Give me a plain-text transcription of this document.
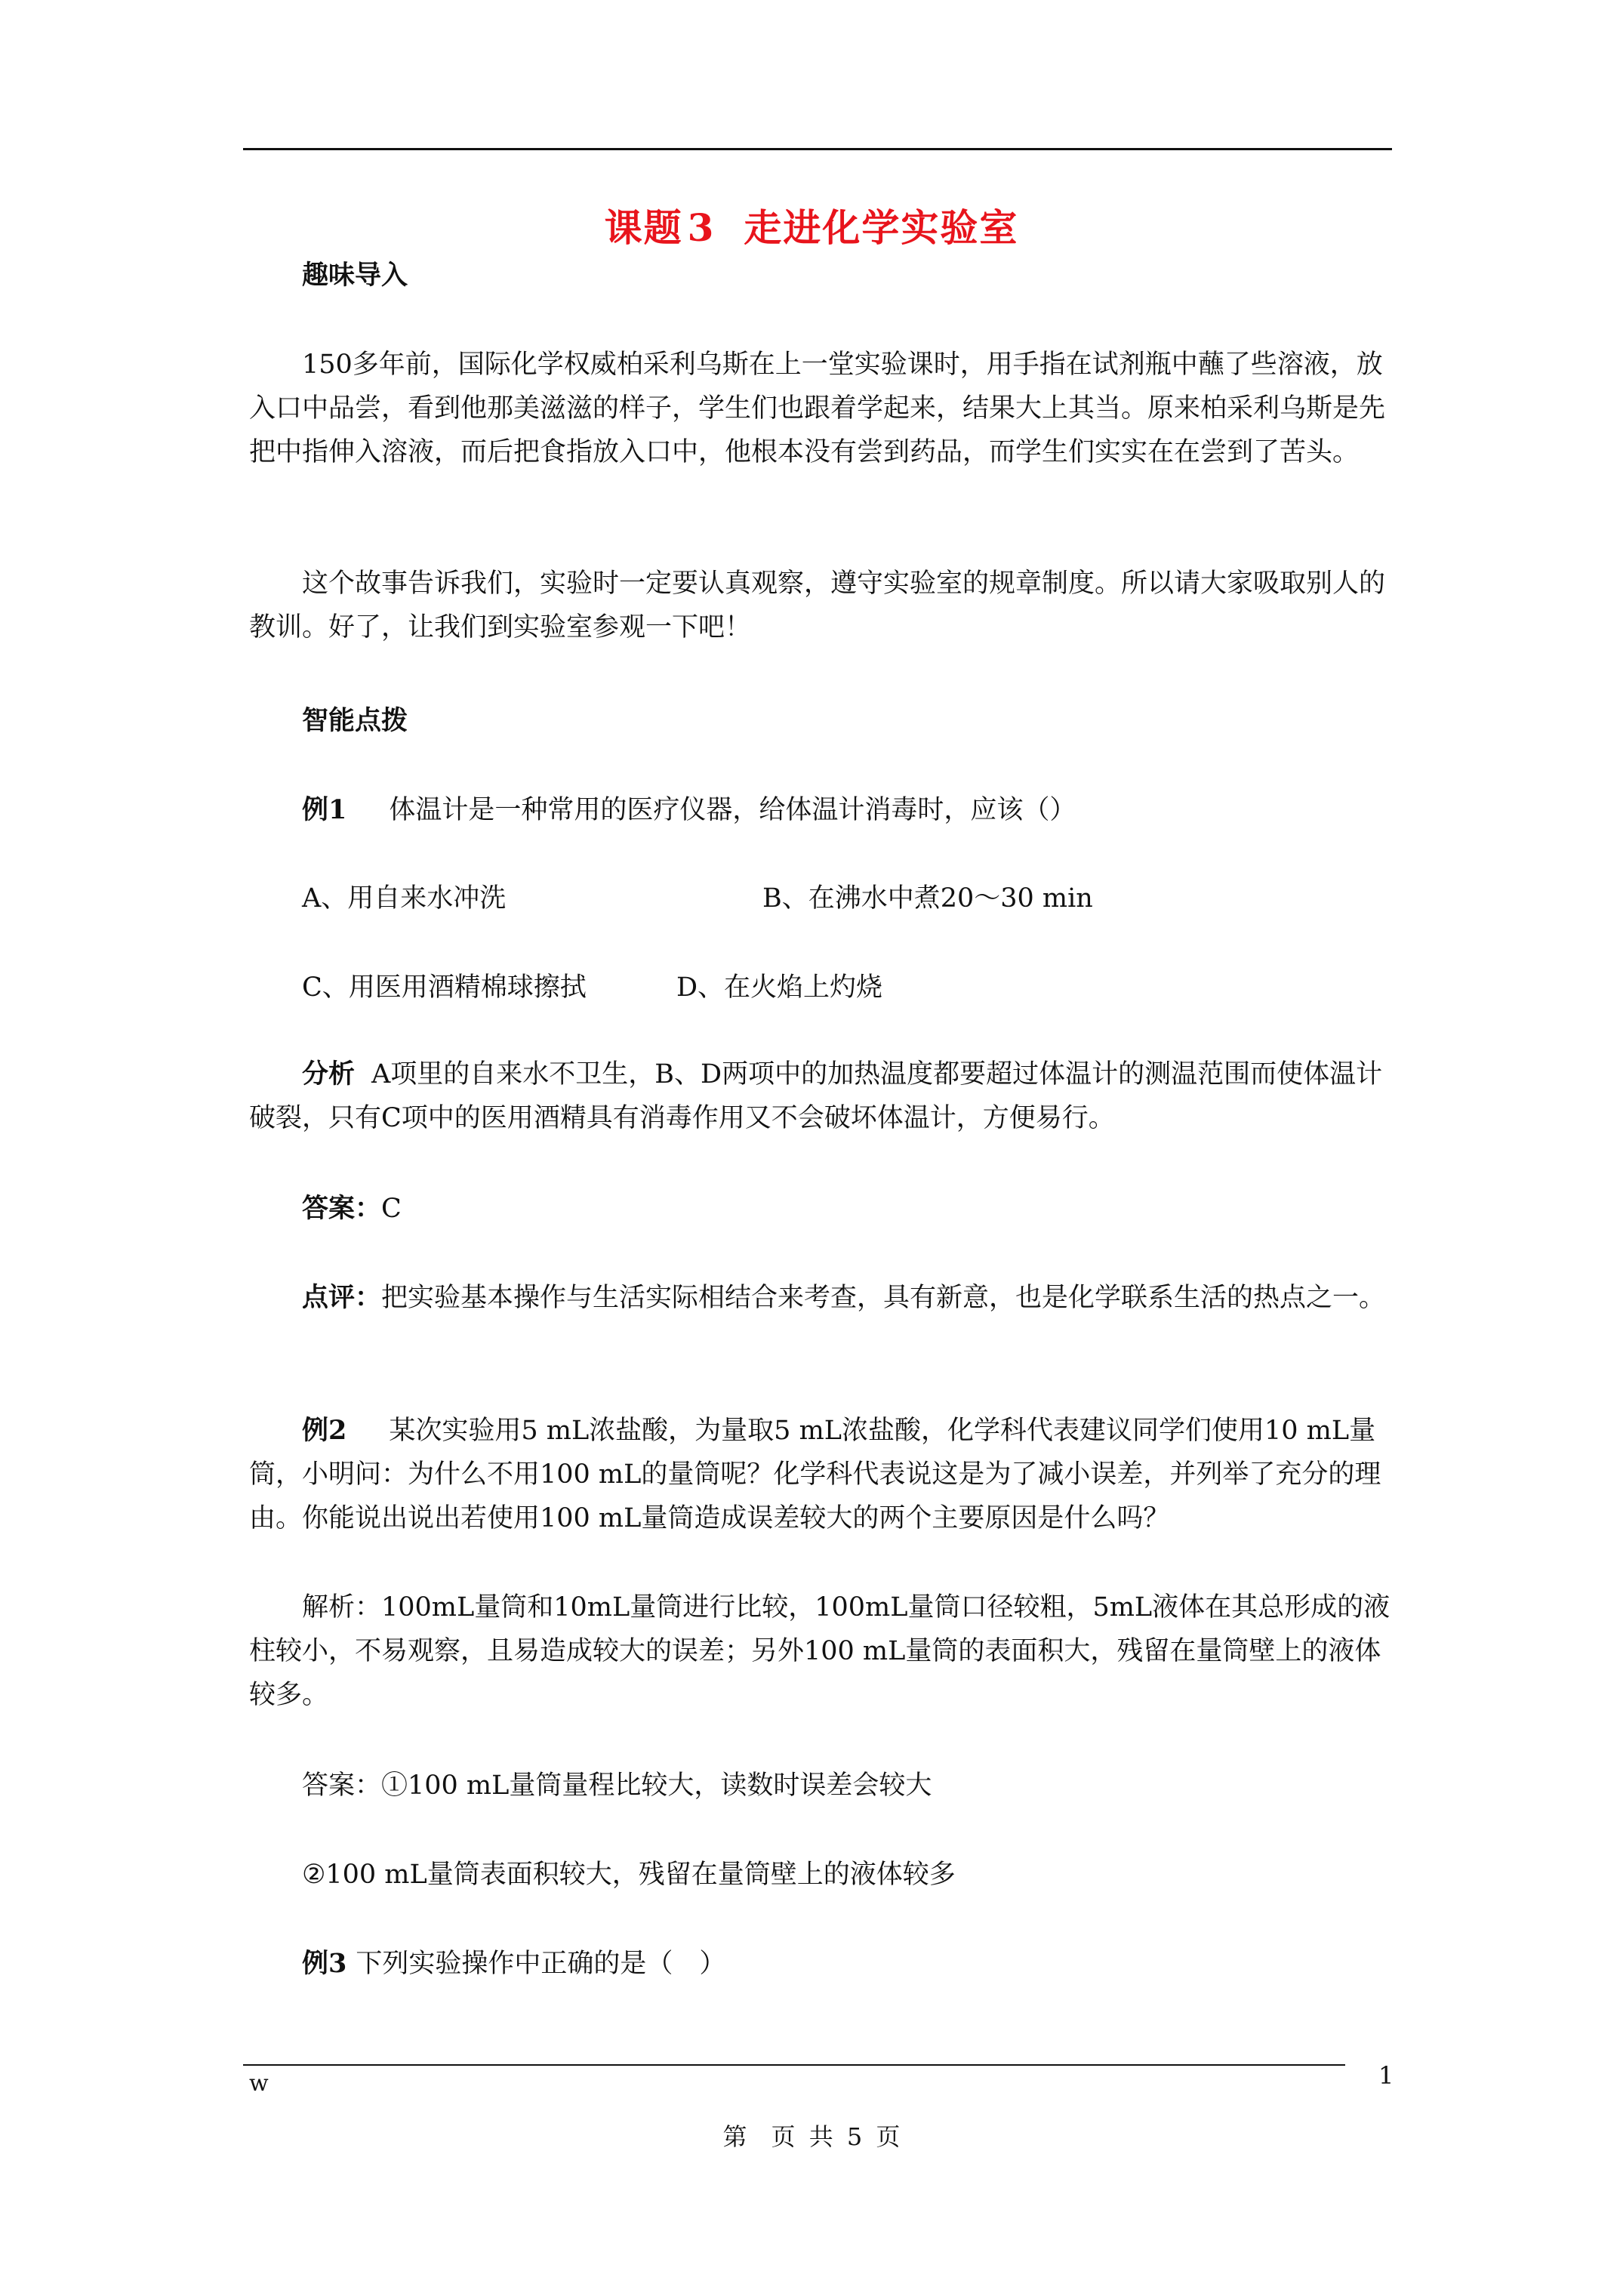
课题 3 走进化学实验室

趣味导入

150多年前，国际化学权威柏采利乌斯在上一堂实验课时，用手指在试剂瓶中蘸了些溶液，放入口中品尝，看到他那美滋滋的样子，学生们也跟着学起来，结果大上其当。原来柏采利乌斯是先把中指伸入溶液，而后把食指放入口中，他根本没有尝到药品，而学生们实实在在尝到了苦头。

这个故事告诉我们，实验时一定要认真观察，遵守实验室的规章制度。所以请大家吸取别人的教训。好了，让我们到实验室参观一下吧！

智能点拨

例1 体温计是一种常用的医疗仪器，给体温计消毒时，应该（）

A、用自来水冲洗	B、在沸水中煮20～30 min
C、用医用酒精棉球擦拭	D、在火焰上灼烧

分析 A项里的自来水不卫生，B、D两项中的加热温度都要超过体温计的测温范围而使体温计破裂，只有C项中的医用酒精具有消毒作用又不会破坏体温计，方便易行。

答案：C

点评：把实验基本操作与生活实际相结合来考查，具有新意，也是化学联系生活的热点之一。

例2 某次实验用5 mL浓盐酸，为量取5 mL浓盐酸，化学科代表建议同学们使用10 mL量筒，小明问：为什么不用100 mL的量筒呢？化学科代表说这是为了减小误差，并列举了充分的理由。你能说出说出若使用100 mL量筒造成误差较大的两个主要原因是什么吗？

解析：100mL量筒和10mL量筒进行比较，100mL量筒口径较粗，5mL液体在其总形成的液柱较小，不易观察，且易造成较大的误差；另外100 mL量筒的表面积大，残留在量筒壁上的液体较多。

答案：①100 mL量筒量程比较大，读数时误差会较大

②100 mL量筒表面积较大，残留在量筒壁上的液体较多

例3 下列实验操作中正确的是（　）

w	1
第　页 共 5 页
